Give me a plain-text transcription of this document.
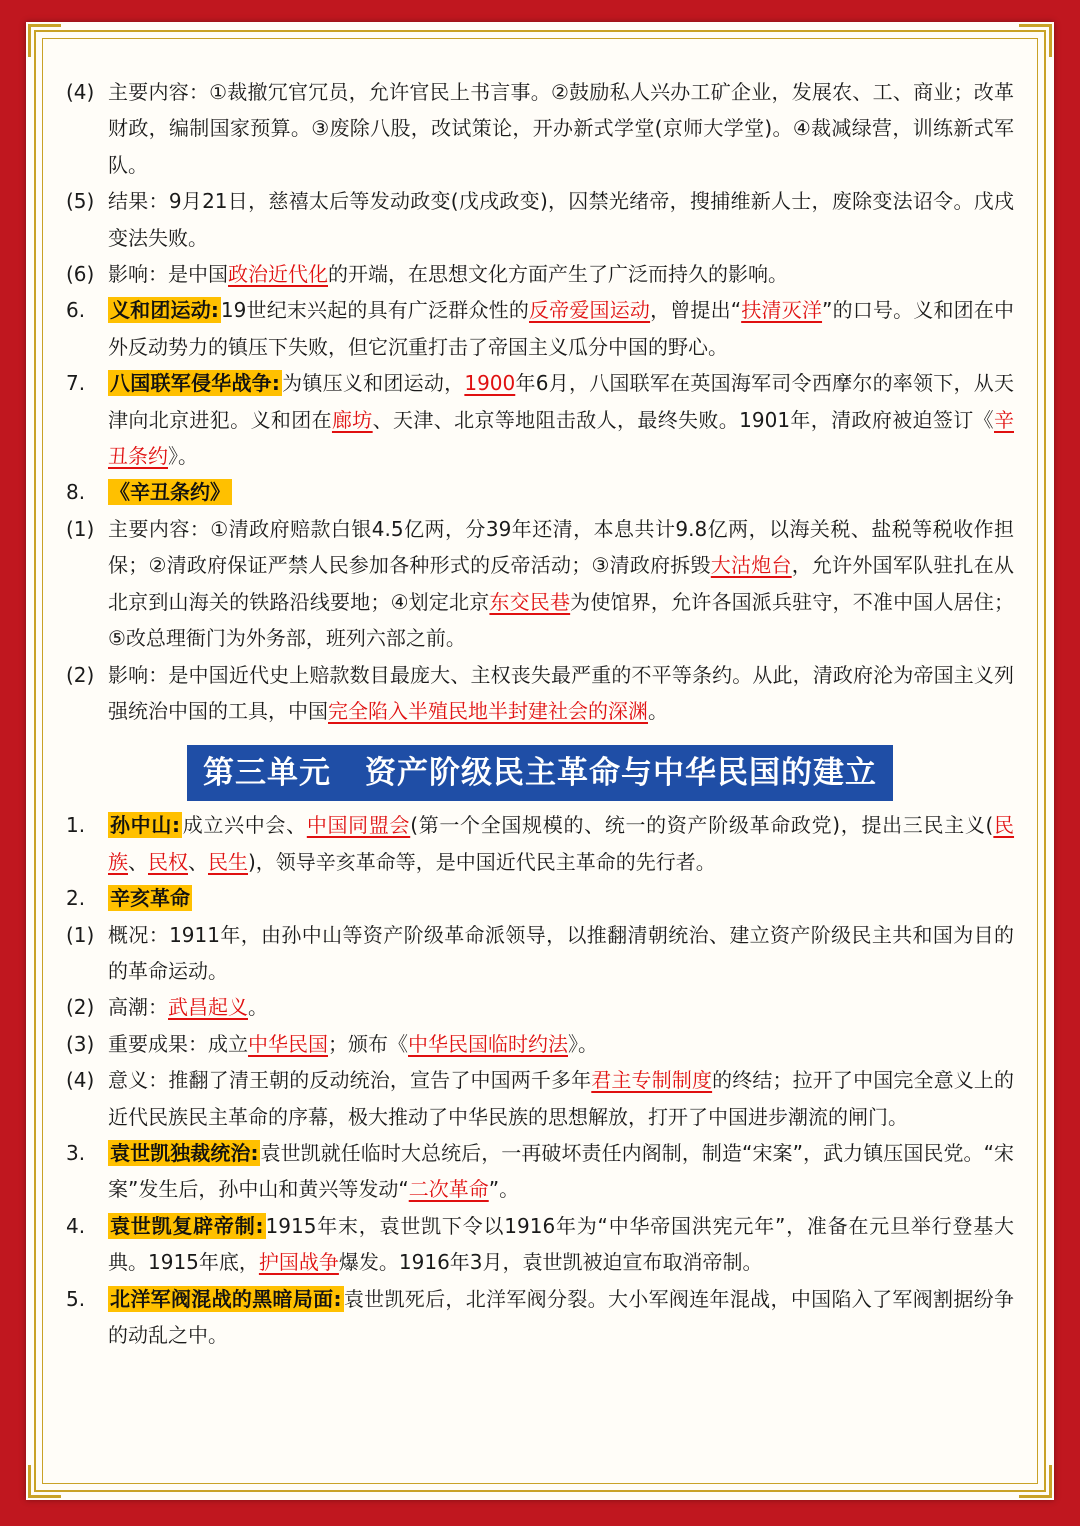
(4) 主要内容：①裁撤冗官冗员，允许官民上书言事。②鼓励私人兴办工矿企业，发展农、工、商业；改革财政，编制国家预算。③废除八股，改试策论，开办新式学堂(京师大学堂)。④裁减绿营，训练新式军队。
(5) 结果：9月21日，慈禧太后等发动政变(戊戌政变)，囚禁光绪帝，搜捕维新人士，废除变法诏令。戊戌变法失败。
(6) 影响：是中国政治近代化的开端，在思想文化方面产生了广泛而持久的影响。
6.	义和团运动: 19世纪末兴起的具有广泛群众性的反帝爱国运动，曾提出“扶清灭洋”的口号。义和团在中外反动势力的镇压下失败，但它沉重打击了帝国主义瓜分中国的野心。
7.	八国联军侵华战争: 为镇压义和团运动，1900年6月，八国联军在英国海军司令西摩尔的率领下，从天津向北京进犯。义和团在廊坊、天津、北京等地阻击敌人，最终失败。1901年，清政府被迫签订《辛丑条约》。
8.	《辛丑条约》
(1) 主要内容：①清政府赔款白银4.5亿两，分39年还清，本息共计9.8亿两，以海关税、盐税等税收作担保；②清政府保证严禁人民参加各种形式的反帝活动；③清政府拆毁大沽炮台，允许外国军队驻扎在从北京到山海关的铁路沿线要地；④划定北京东交民巷为使馆界，允许各国派兵驻守，不准中国人居住；⑤改总理衙门为外务部，班列六部之前。
(2) 影响：是中国近代史上赔款数目最庞大、主权丧失最严重的不平等条约。从此，清政府沦为帝国主义列强统治中国的工具，中国完全陷入半殖民地半封建社会的深渊。
第三单元 资产阶级民主革命与中华民国的建立
1.	孙中山: 成立兴中会、中国同盟会(第一个全国规模的、统一的资产阶级革命政党)，提出三民主义(民族、民权、民生)，领导辛亥革命等，是中国近代民主革命的先行者。
2.	辛亥革命
(1) 概况：1911年，由孙中山等资产阶级革命派领导，以推翻清朝统治、建立资产阶级民主共和国为目的的革命运动。
(2) 高潮：武昌起义。
(3) 重要成果：成立中华民国；颁布《中华民国临时约法》。
(4) 意义：推翻了清王朝的反动统治，宣告了中国两千多年君主专制制度的终结；拉开了中国完全意义上的近代民族民主革命的序幕，极大推动了中华民族的思想解放，打开了中国进步潮流的闸门。
3.	袁世凯独裁统治: 袁世凯就任临时大总统后，一再破坏责任内阁制，制造“宋案”，武力镇压国民党。“宋案”发生后，孙中山和黄兴等发动“二次革命”。
4.	袁世凯复辟帝制: 1915年末，袁世凯下令以1916年为“中华帝国洪宪元年”，准备在元旦举行登基大典。1915年底，护国战争爆发。1916年3月，袁世凯被迫宣布取消帝制。
5.	北洋军阀混战的黑暗局面: 袁世凯死后，北洋军阀分裂。大小军阀连年混战，中国陷入了军阀割据纷争的动乱之中。
